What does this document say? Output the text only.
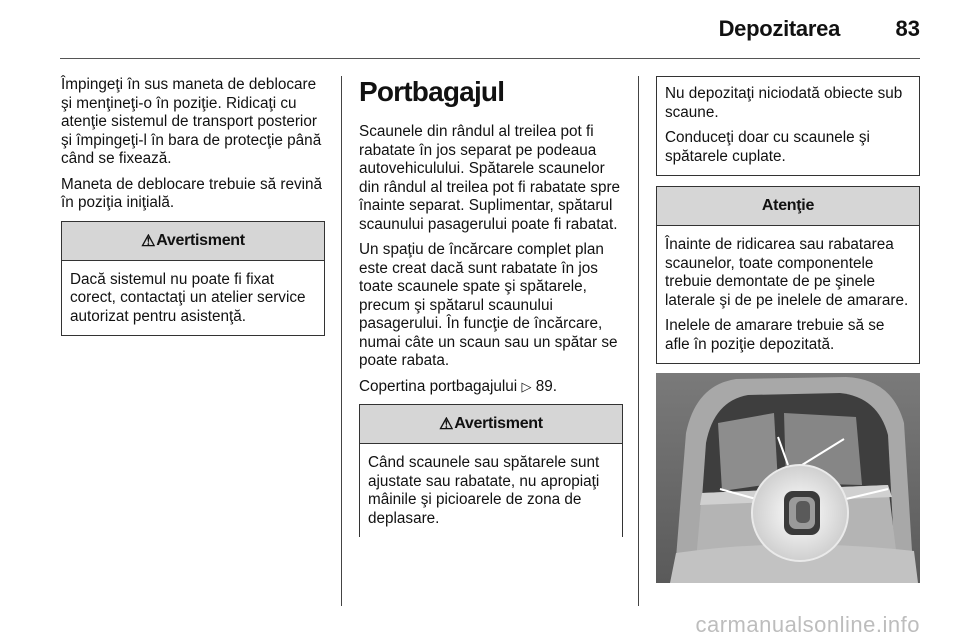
Depozitarea	83

Împingeţi în sus maneta de deblocare şi menţineţi-o în poziţie. Ridicaţi cu atenţie sistemul de transport posterior şi împingeţi-l în bara de protecţie până când se fixează.

Maneta de deblocare trebuie să revină în poziţia iniţială.

⚠ Avertisment

Dacă sistemul nu poate fi fixat corect, contactaţi un atelier service autorizat pentru asistenţă.

Portbagajul

Scaunele din rândul al treilea pot fi rabatate în jos separat pe podeaua autovehiculului. Spătarele scaunelor din rândul al treilea pot fi rabatate spre înainte separat. Suplimentar, spătarul scaunului pasagerului poate fi rabatat.

Un spaţiu de încărcare complet plan este creat dacă sunt rabatate în jos toate scaunele spate şi spătarele, precum şi spătarul scaunului pasagerului. În funcţie de încărcare, numai câte un scaun sau un spătar se poate rabata.

Copertina portbagajului ▷ 89.

⚠ Avertisment

Când scaunele sau spătarele sunt ajustate sau rabatate, nu apropiaţi mâinile şi picioarele de zona de deplasare.

Nu depozitaţi niciodată obiecte sub scaune.

Conduceţi doar cu scaunele şi spătarele cuplate.

Atenţie

Înainte de ridicarea sau rabatarea scaunelor, toate componentele trebuie demontate de pe şinele laterale şi de pe inelele de amarare.

Inelele de amarare trebuie să se afle în poziţie depozitată.

carmanualsonline.info
